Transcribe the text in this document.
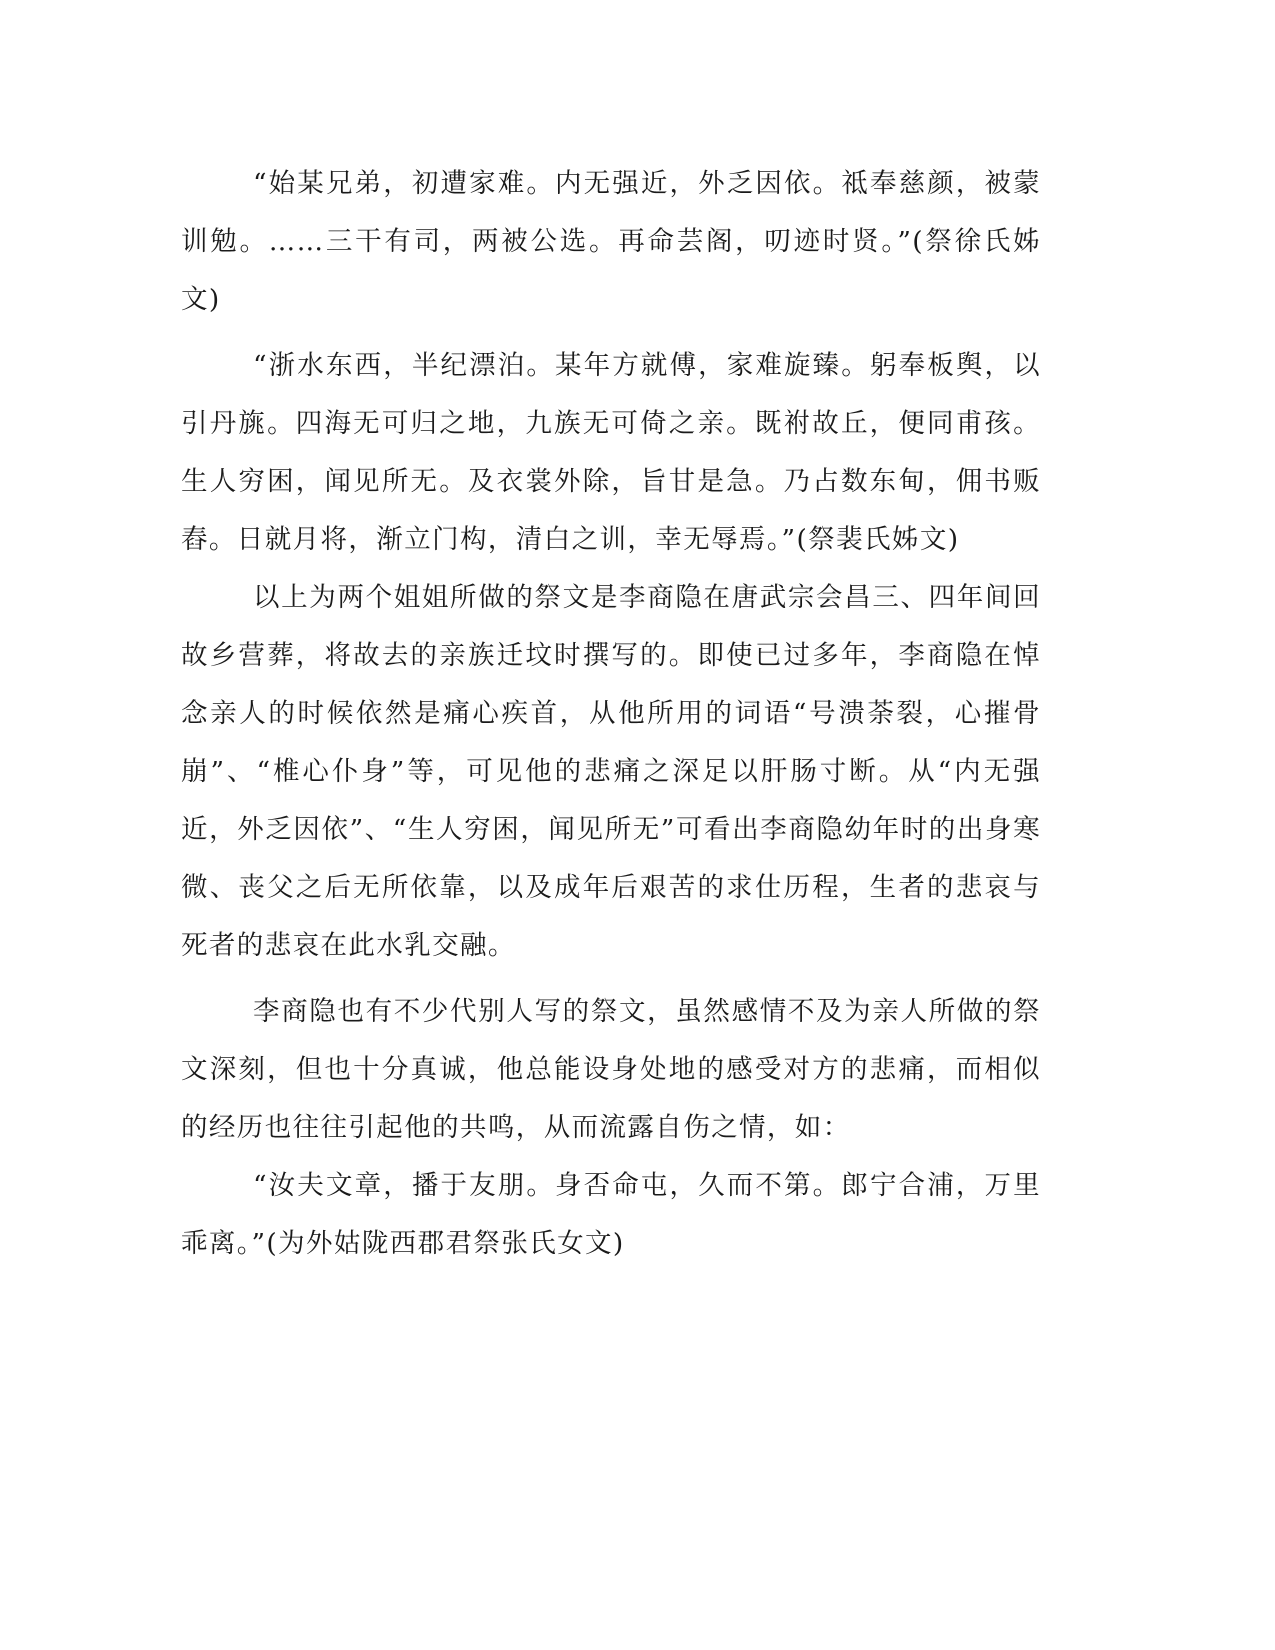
“始某兄弟，初遭家难。内无强近，外乏因依。祗奉慈颜，被蒙训勉。……三干有司，两被公选。再命芸阁，叨迹时贤。”(祭徐氏姊文)

“浙水东西，半纪漂泊。某年方就傅，家难旋臻。躬奉板舆，以引丹旐。四海无可归之地，九族无可倚之亲。既祔故丘，便同甫孩。生人穷困，闻见所无。及衣裳外除，旨甘是急。乃占数东甸，佣书贩舂。日就月将，渐立门构，清白之训，幸无辱焉。”(祭裴氏姊文)

以上为两个姐姐所做的祭文是李商隐在唐武宗会昌三、四年间回故乡营葬，将故去的亲族迁坟时撰写的。即使已过多年，李商隐在悼念亲人的时候依然是痛心疾首，从他所用的词语“号溃荼裂，心摧骨崩”、“椎心仆身”等，可见他的悲痛之深足以肝肠寸断。从“内无强近，外乏因依”、“生人穷困，闻见所无”可看出李商隐幼年时的出身寒微、丧父之后无所依靠，以及成年后艰苦的求仕历程，生者的悲哀与死者的悲哀在此水乳交融。

李商隐也有不少代别人写的祭文，虽然感情不及为亲人所做的祭文深刻，但也十分真诚，他总能设身处地的感受对方的悲痛，而相似的经历也往往引起他的共鸣，从而流露自伤之情，如：

“汝夫文章，播于友朋。身否命屯，久而不第。郎宁合浦，万里乖离。”(为外姑陇西郡君祭张氏女文)
